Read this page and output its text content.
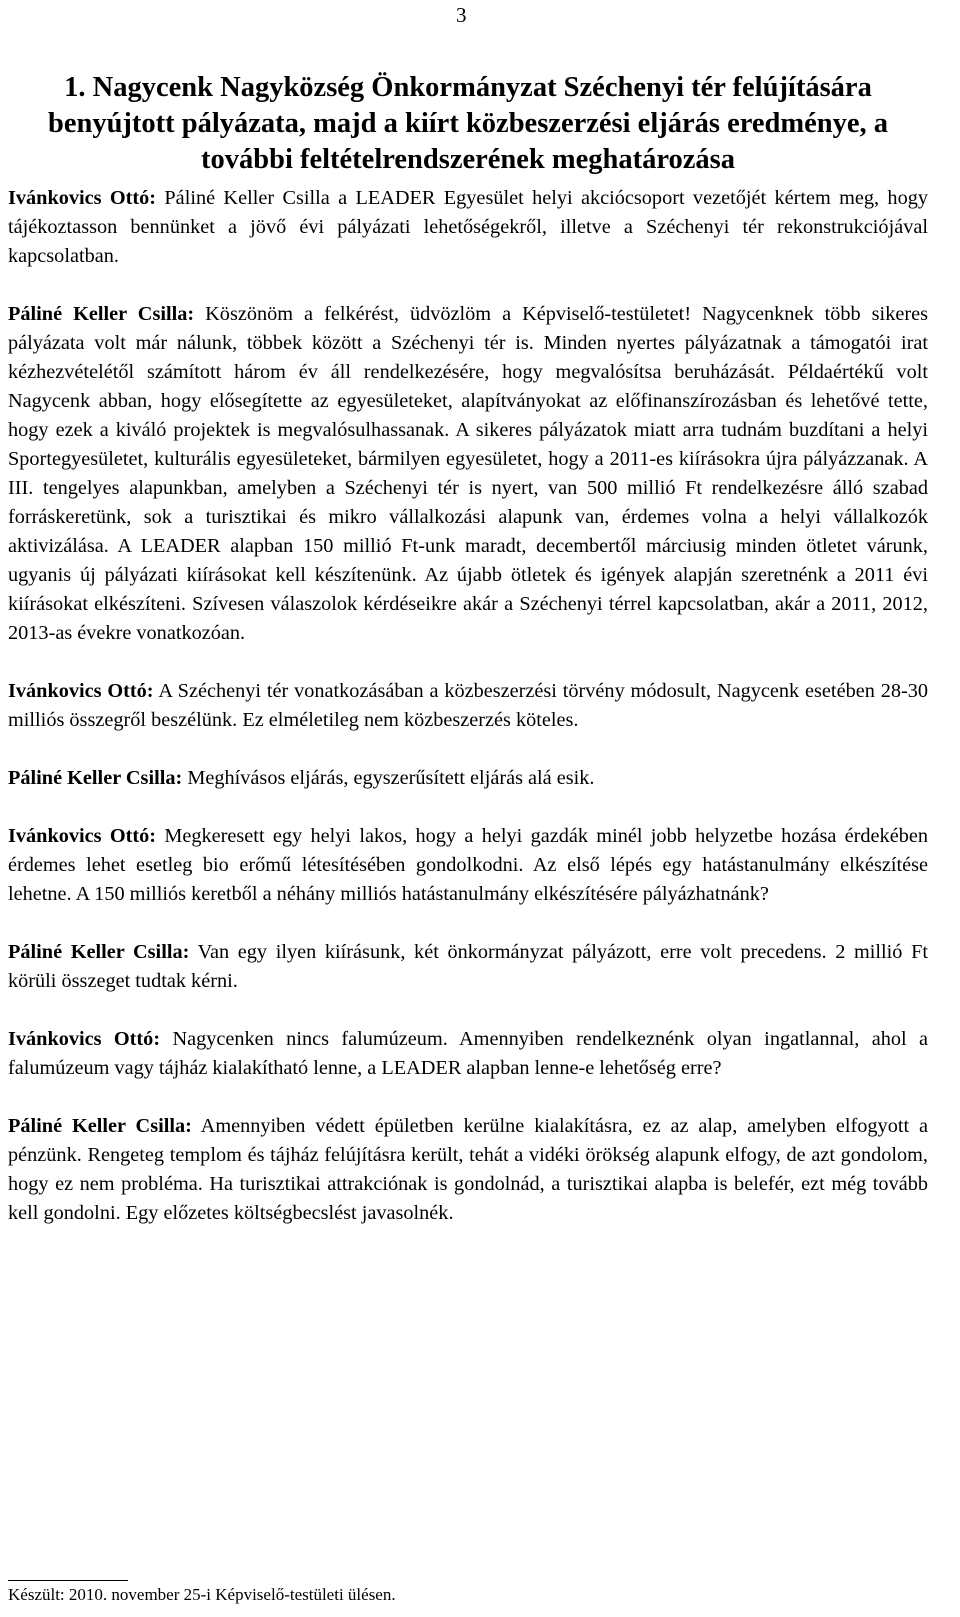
3
1. Nagycenk Nagyközség Önkormányzat Széchenyi tér felújítására benyújtott pályázata, majd a kiírt közbeszerzési eljárás eredménye, a további feltételrendszerének meghatározása

Ivánkovics Ottó: Páliné Keller Csilla a LEADER Egyesület helyi akciócsoport vezetőjét kértem meg, hogy tájékoztasson bennünket a jövő évi pályázati lehetőségekről, illetve a Széchenyi tér rekonstrukciójával kapcsolatban.

Páliné Keller Csilla: Köszönöm a felkérést, üdvözlöm a Képviselő-testületet! Nagycenknek több sikeres pályázata volt már nálunk, többek között a Széchenyi tér is. Minden nyertes pályázatnak a támogatói irat kézhezvételétől számított három év áll rendelkezésére, hogy megvalósítsa beruházását. Példaértékű volt Nagycenk abban, hogy elősegítette az egyesületeket, alapítványokat az előfinanszírozásban és lehetővé tette, hogy ezek a kiváló projektek is megvalósulhassanak. A sikeres pályázatok miatt arra tudnám buzdítani a helyi Sportegyesületet, kulturális egyesületeket, bármilyen egyesületet, hogy a 2011-es kiírásokra újra pályázzanak. A III. tengelyes alapunkban, amelyben a Széchenyi tér is nyert, van 500 millió Ft rendelkezésre álló szabad forráskeretünk, sok a turisztikai és mikro vállalkozási alapunk van, érdemes volna a helyi vállalkozók aktivizálása. A LEADER alapban 150 millió Ft-unk maradt, decembertől márciusig minden ötletet várunk, ugyanis új pályázati kiírásokat kell készítenünk. Az újabb ötletek és igények alapján szeretnénk a 2011 évi kiírásokat elkészíteni. Szívesen válaszolok kérdéseikre akár a Széchenyi térrel kapcsolatban, akár a 2011, 2012, 2013-as évekre vonatkozóan.

Ivánkovics Ottó: A Széchenyi tér vonatkozásában a közbeszerzési törvény módosult, Nagycenk esetében 28-30 milliós összegről beszélünk. Ez elméletileg nem közbeszerzés köteles.

Páliné Keller Csilla: Meghívásos eljárás, egyszerűsített eljárás alá esik.

Ivánkovics Ottó: Megkeresett egy helyi lakos, hogy a helyi gazdák minél jobb helyzetbe hozása érdekében érdemes lehet esetleg bio erőmű létesítésében gondolkodni. Az első lépés egy hatástanulmány elkészítése lehetne. A 150 milliós keretből a néhány milliós hatástanulmány elkészítésére pályázhatnánk?

Páliné Keller Csilla: Van egy ilyen kiírásunk, két önkormányzat pályázott, erre volt precedens. 2 millió Ft körüli összeget tudtak kérni.

Ivánkovics Ottó: Nagycenken nincs falumúzeum. Amennyiben rendelkeznénk olyan ingatlannal, ahol a falumúzeum vagy tájház kialakítható lenne, a LEADER alapban lenne-e lehetőség erre?

Páliné Keller Csilla: Amennyiben védett épületben kerülne kialakításra, ez az alap, amelyben elfogyott a pénzünk. Rengeteg templom és tájház felújításra került, tehát a vidéki örökség alapunk elfogy, de azt gondolom, hogy ez nem probléma. Ha turisztikai attrakciónak is gondolnád, a turisztikai alapba is belefér, ezt még tovább kell gondolni. Egy előzetes költségbecslést javasolnék.

Készült: 2010. november 25-i Képviselő-testületi ülésen.
